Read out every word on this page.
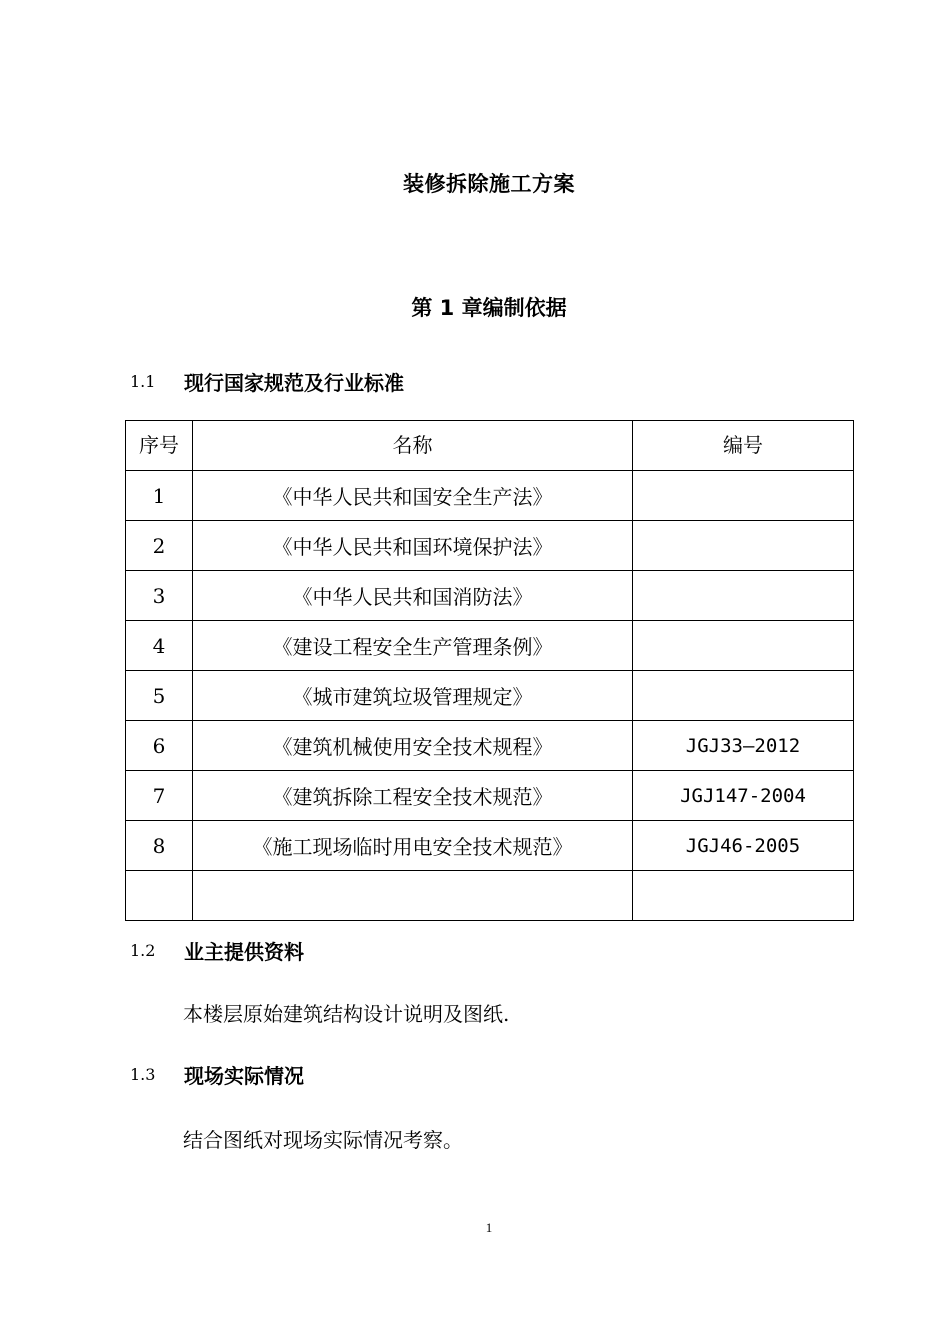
装修拆除施工方案
第 1 章编制依据
1.1	现行国家规范及行业标准
序号	名称	编号
1	《中华人民共和国安全生产法》	
2	《中华人民共和国环境保护法》	
3	《中华人民共和国消防法》	
4	《建设工程安全生产管理条例》	
5	《城市建筑垃圾管理规定》	
6	《建筑机械使用安全技术规程》	JGJ33—2012
7	《建筑拆除工程安全技术规范》	JGJ147-2004
8	《施工现场临时用电安全技术规范》	JGJ46-2005

1.2	业主提供资料
本楼层原始建筑结构设计说明及图纸.
1.3	现场实际情况
结合图纸对现场实际情况考察。
1
